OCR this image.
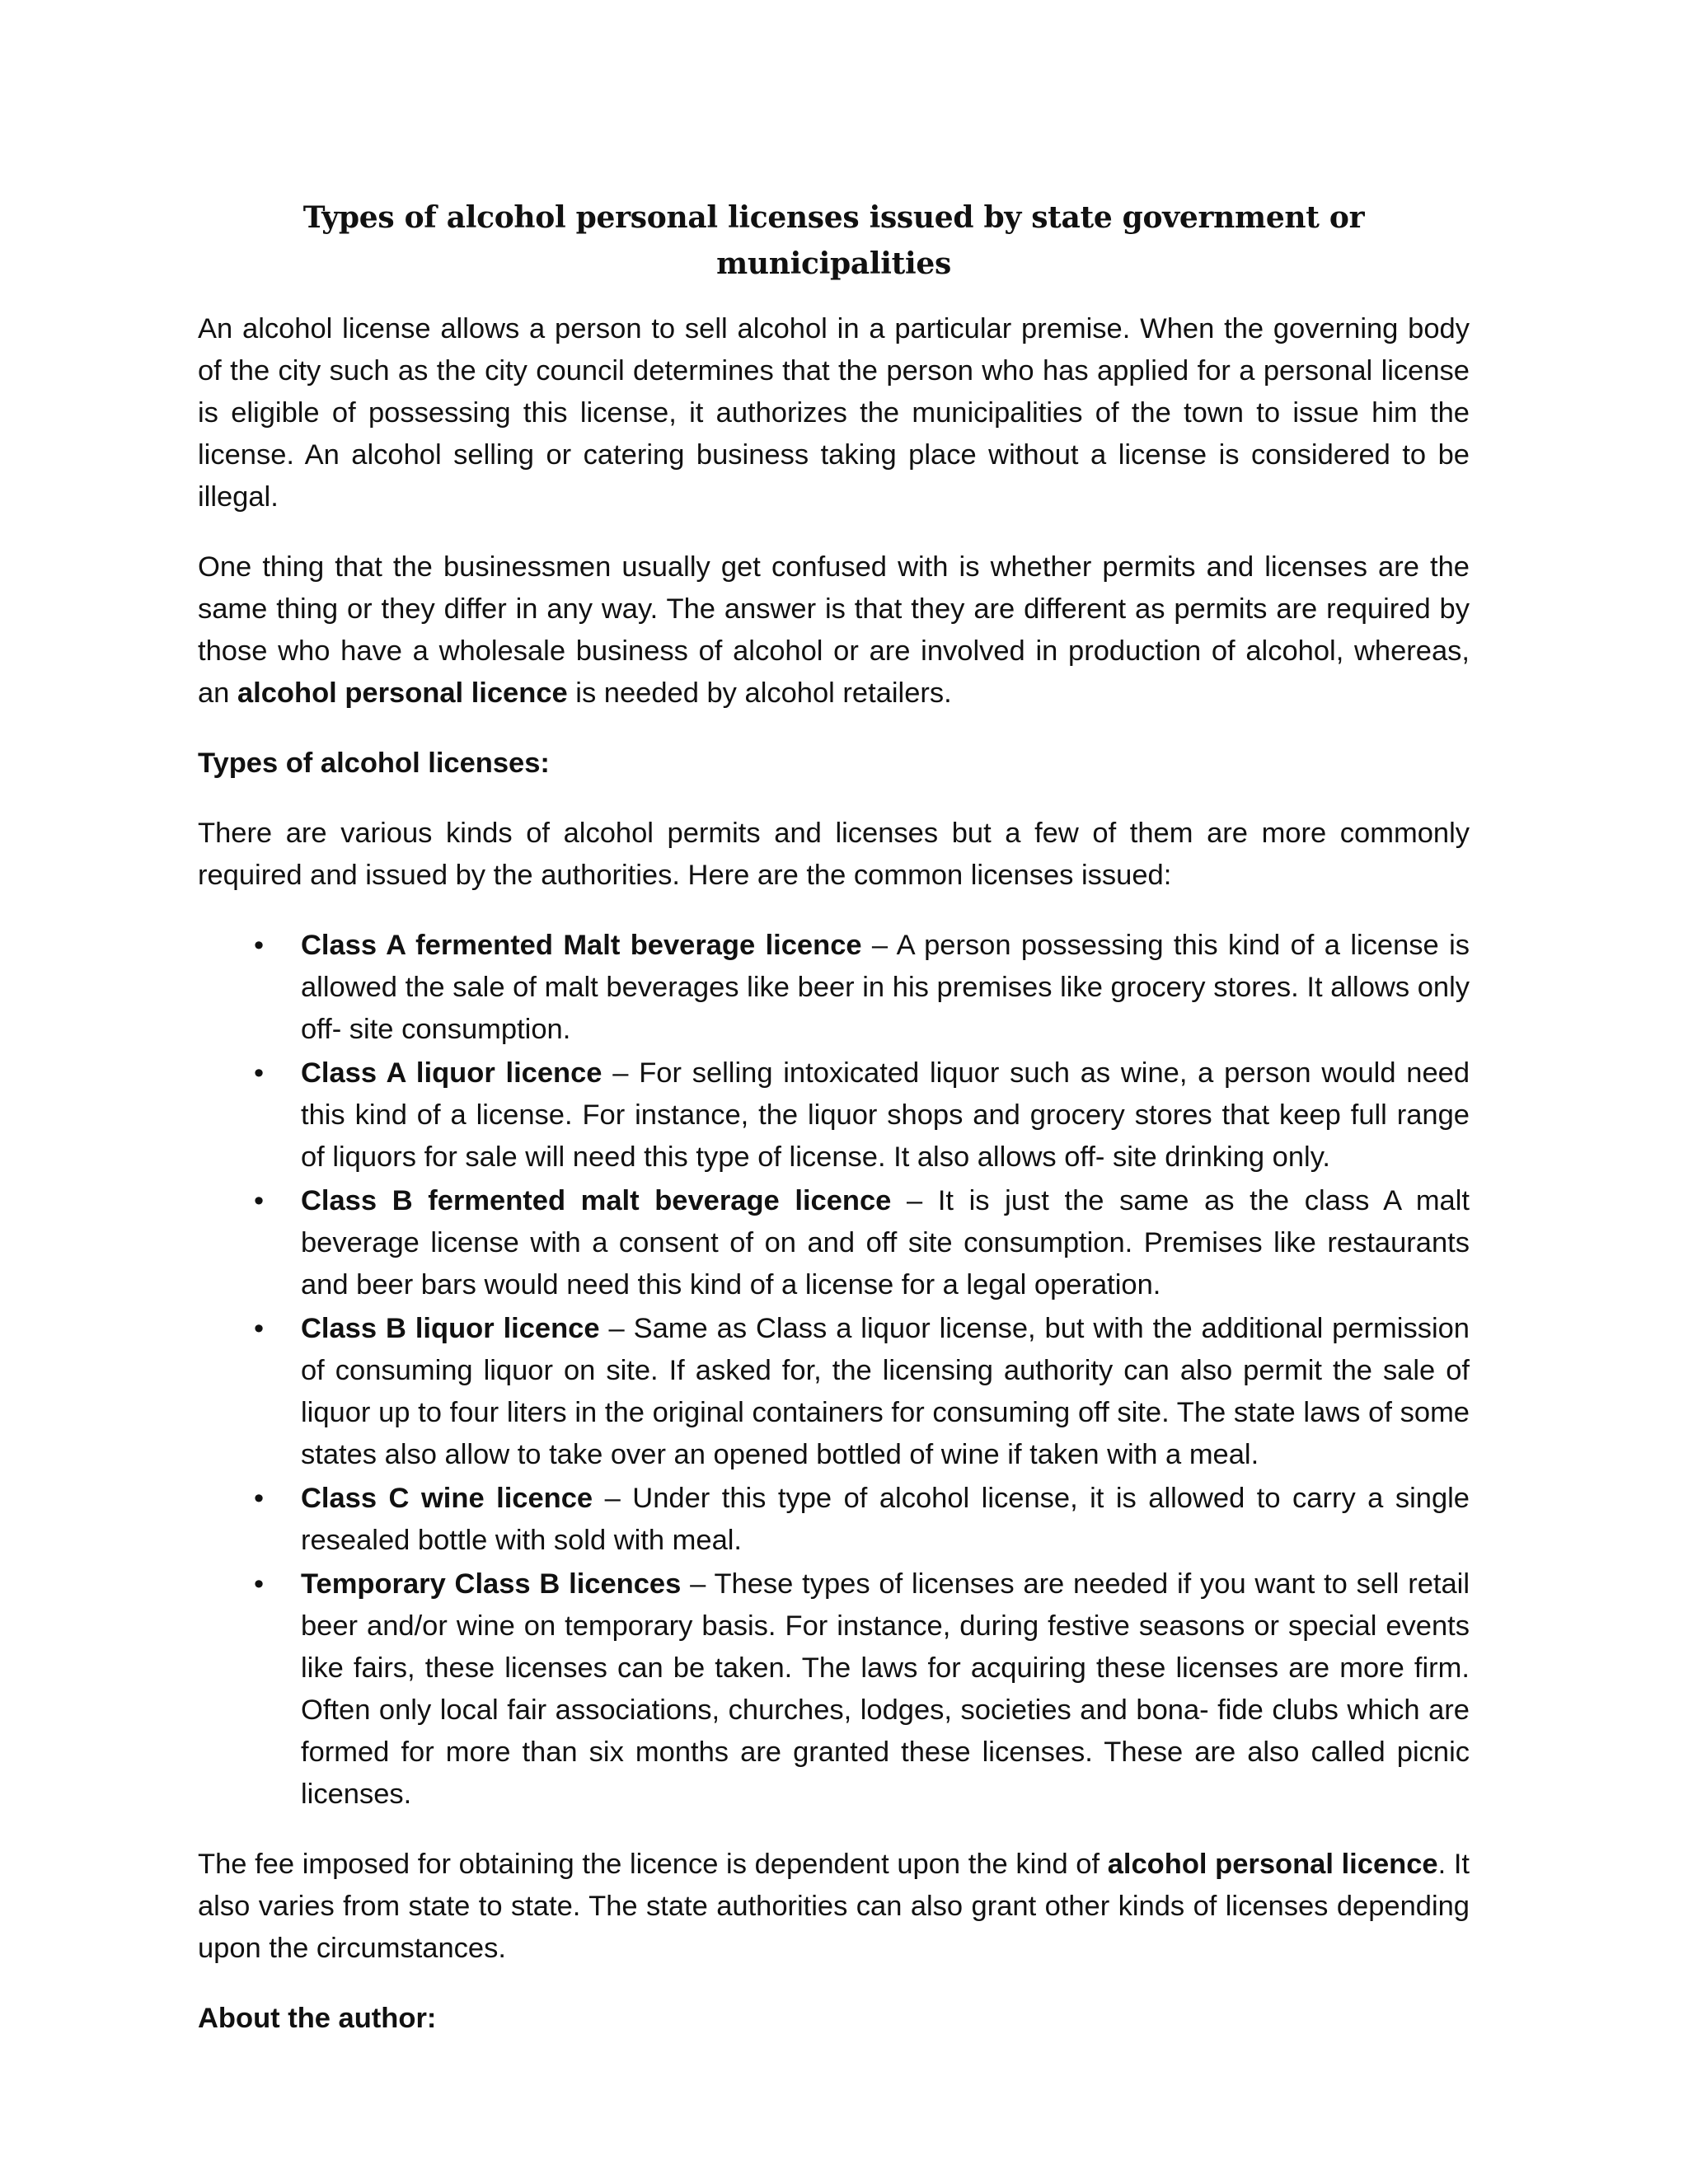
Types of alcohol personal licenses issued by state government or municipalities

An alcohol license allows a person to sell alcohol in a particular premise. When the governing body of the city such as the city council determines that the person who has applied for a personal license is eligible of possessing this license, it authorizes the municipalities of the town to issue him the license. An alcohol selling or catering business taking place without a license is considered to be illegal.

One thing that the businessmen usually get confused with is whether permits and licenses are the same thing or they differ in any way. The answer is that they are different as permits are required by those who have a wholesale business of alcohol or are involved in production of alcohol, whereas, an alcohol personal licence is needed by alcohol retailers.

Types of alcohol licenses:

There are various kinds of alcohol permits and licenses but a few of them are more commonly required and issued by the authorities. Here are the common licenses issued:

• Class A fermented Malt beverage licence – A person possessing this kind of a license is allowed the sale of malt beverages like beer in his premises like grocery stores. It allows only off- site consumption.
• Class A liquor licence – For selling intoxicated liquor such as wine, a person would need this kind of a license. For instance, the liquor shops and grocery stores that keep full range of liquors for sale will need this type of license. It also allows off- site drinking only.
• Class B fermented malt beverage licence – It is just the same as the class A malt beverage license with a consent of on and off site consumption. Premises like restaurants and beer bars would need this kind of a license for a legal operation.
• Class B liquor licence – Same as Class a liquor license, but with the additional permission of consuming liquor on site. If asked for, the licensing authority can also permit the sale of liquor up to four liters in the original containers for consuming off site. The state laws of some states also allow to take over an opened bottled of wine if taken with a meal.
• Class C wine licence – Under this type of alcohol license, it is allowed to carry a single resealed bottle with sold with meal.
• Temporary Class B licences – These types of licenses are needed if you want to sell retail beer and/or wine on temporary basis. For instance, during festive seasons or special events like fairs, these licenses can be taken. The laws for acquiring these licenses are more firm. Often only local fair associations, churches, lodges, societies and bona- fide clubs which are formed for more than six months are granted these licenses. These are also called picnic licenses.

The fee imposed for obtaining the licence is dependent upon the kind of alcohol personal licence. It also varies from state to state. The state authorities can also grant other kinds of licenses depending upon the circumstances.

About the author:
